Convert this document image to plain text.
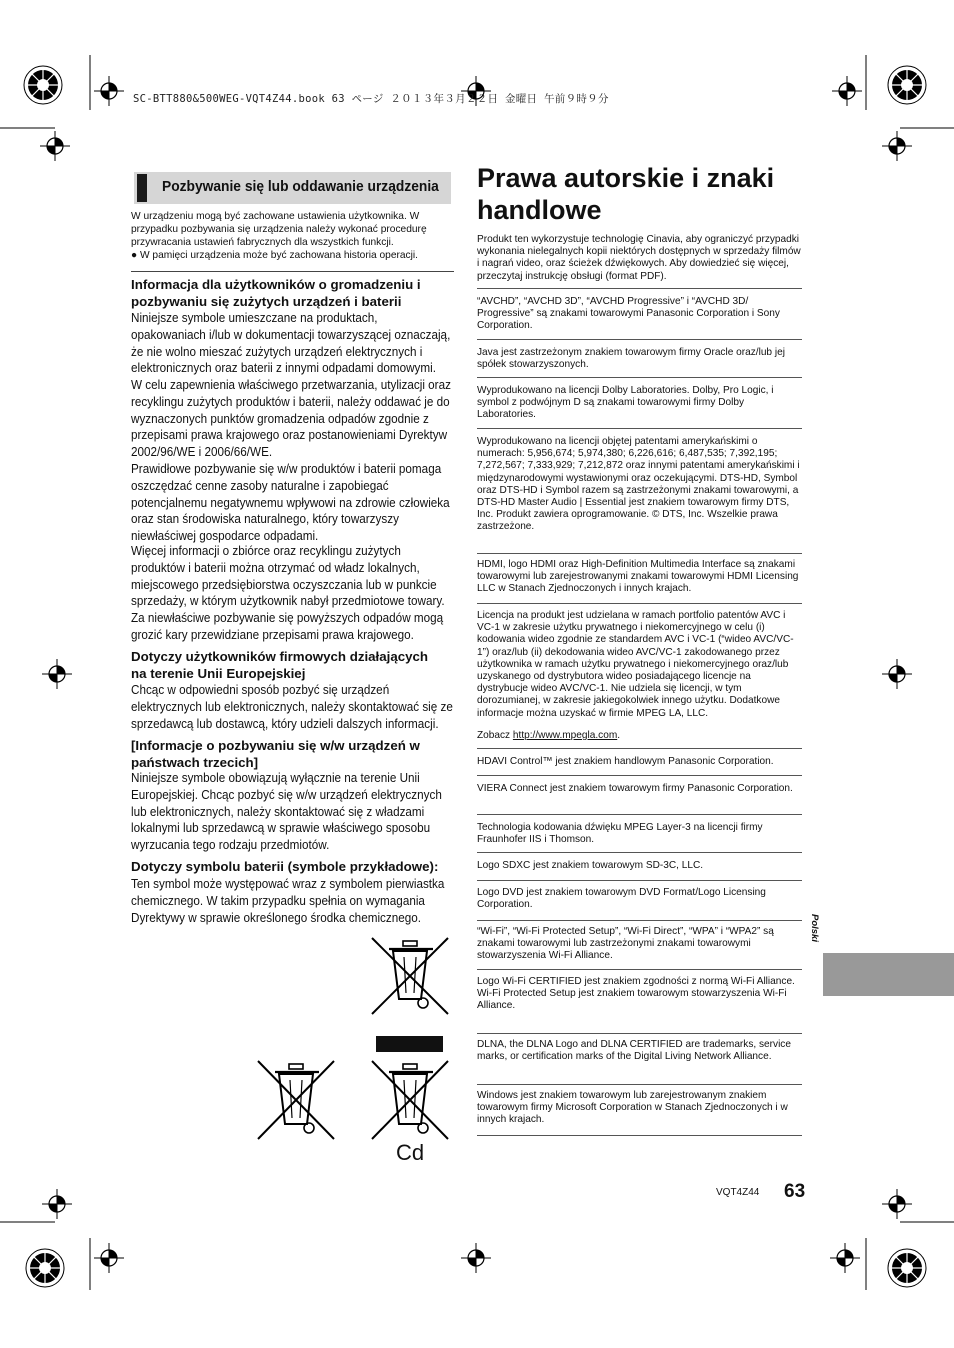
SC-BTT880&500WEG-VQT4Z44.book 63 ページ ２０１３年３月２２日 金曜日 午前９時９分
Pozbywanie się lub oddawanie urządzenia
W urządzeniu mogą być zachowane ustawienia użytkownika. W przypadku pozbywania się urządzenia należy wykonać procedurę przywracania ustawień fabrycznych dla wszystkich funkcji.
● W pamięci urządzenia może być zachowana historia operacji.
Informacja dla użytkowników o gromadzeniu i pozbywaniu się zużytych urządzeń i baterii
Niniejsze symbole umieszczane na produktach, opakowaniach i/lub w dokumentacji towarzyszącej oznaczają, że nie wolno mieszać zużytych urządzeń elektrycznych i elektronicznych oraz baterii z innymi odpadami domowymi.
W celu zapewnienia właściwego przetwarzania, utylizacji oraz recyklingu zużytych produktów i baterii, należy oddawać je do wyznaczonych punktów gromadzenia odpadów zgodnie z przepisami prawa krajowego oraz postanowieniami Dyrektyw 2002/96/WE i 2006/66/WE.
Prawidłowe pozbywanie się w/w produktów i baterii pomaga oszczędzać cenne zasoby naturalne i zapobiegać potencjalnemu negatywnemu wpływowi na zdrowie człowieka oraz stan środowiska naturalnego, który towarzyszy niewłaściwej gospodarce odpadami.
Więcej informacji o zbiórce oraz recyklingu zużytych produktów i baterii można otrzymać od władz lokalnych, miejscowego przedsiębiorstwa oczyszczania lub w punkcie sprzedaży, w którym użytkownik nabył przedmiotowe towary.
Za niewłaściwe pozbywanie się powyższych odpadów mogą grozić kary przewidziane przepisami prawa krajowego.
Dotyczy użytkowników firmowych działających na terenie Unii Europejskiej
Chcąc w odpowiedni sposób pozbyć się urządzeń elektrycznych lub elektronicznych, należy skontaktować się ze sprzedawcą lub dostawcą, który udzieli dalszych informacji.
[Informacje o pozbywaniu się w/w urządzeń w państwach trzecich]
Niniejsze symbole obowiązują wyłącznie na terenie Unii Europejskiej. Chcąc pozbyć się w/w urządzeń elektrycznych lub elektronicznych, należy skontaktować się z władzami lokalnymi lub sprzedawcą w sprawie właściwego sposobu wyrzucania tego rodzaju przedmiotów.
Dotyczy symbolu baterii (symbole przykładowe):
Ten symbol może występować wraz z symbolem pierwiastka chemicznego. W takim przypadku spełnia on wymagania Dyrektywy w sprawie określonego środka chemicznego.
Cd
Prawa autorskie i znaki handlowe
Produkt ten wykorzystuje technologię Cinavia, aby ograniczyć przypadki wykonania nielegalnych kopii niektórych dostępnych w sprzedaży filmów i nagrań video, oraz ścieżek dźwiękowych. Aby dowiedzieć się więcej, przeczytaj instrukcję obsługi (format PDF).
“AVCHD”, “AVCHD 3D”, “AVCHD Progressive” i “AVCHD 3D/ Progressive” są znakami towarowymi Panasonic Corporation i Sony Corporation.
Java jest zastrzeżonym znakiem towarowym firmy Oracle oraz/lub jej spółek stowarzyszonych.
Wyprodukowano na licencji Dolby Laboratories. Dolby, Pro Logic, i symbol z podwójnym D są znakami towarowymi firmy Dolby Laboratories.
Wyprodukowano na licencji objętej patentami amerykańskimi o numerach: 5,956,674; 5,974,380; 6,226,616; 6,487,535; 7,392,195; 7,272,567; 7,333,929; 7,212,872 oraz innymi patentami amerykańskimi i międzynarodowymi wystawionymi oraz oczekującymi. DTS-HD, Symbol oraz DTS-HD i Symbol razem są zastrzeżonymi znakami towarowymi, a DTS-HD Master Audio | Essential jest znakiem towarowym firmy DTS, Inc. Produkt zawiera oprogramowanie. © DTS, Inc. Wszelkie prawa zastrzeżone.
HDMI, logo HDMI oraz High-Definition Multimedia Interface są znakami towarowymi lub zarejestrowanymi znakami towarowymi HDMI Licensing LLC w Stanach Zjednoczonych i innych krajach.
Licencja na produkt jest udzielana w ramach portfolio patentów AVC i VC-1 w zakresie użytku prywatnego i niekomercyjnego w celu (i) kodowania wideo zgodnie ze standardem AVC i VC-1 (“wideo AVC/VC-1”) oraz/lub (ii) dekodowania wideo AVC/VC-1 zakodowanego przez użytkownika w ramach użytku prywatnego i niekomercyjnego oraz/lub uzyskanego od dystrybutora wideo posiadającego licencje na dystrybucje wideo AVC/VC-1. Nie udziela się licencji, w tym dorozumianej, w zakresie jakiegokolwiek innego użytku. Dodatkowe informacje można uzyskać w firmie MPEG LA, LLC.
Zobacz http://www.mpegla.com.
HDAVI Control™ jest znakiem handlowym Panasonic Corporation.
VIERA Connect jest znakiem towarowym firmy Panasonic Corporation.
Technologia kodowania dźwięku MPEG Layer-3 na licencji firmy Fraunhofer IIS i Thomson.
Logo SDXC jest znakiem towarowym SD-3C, LLC.
Logo DVD jest znakiem towarowym DVD Format/Logo Licensing Corporation.
“Wi-Fi”, “Wi-Fi Protected Setup”, “Wi-Fi Direct”, “WPA” i “WPA2” są znakami towarowymi lub zastrzeżonymi znakami towarowymi stowarzyszenia Wi-Fi Alliance.
Logo Wi-Fi CERTIFIED jest znakiem zgodności z normą Wi-Fi Alliance. Wi-Fi Protected Setup jest znakiem towarowym stowarzyszenia Wi-Fi Alliance.
DLNA, the DLNA Logo and DLNA CERTIFIED are trademarks, service marks, or certification marks of the Digital Living Network Alliance.
Windows jest znakiem towarowym lub zarejestrowanym znakiem towarowym firmy Microsoft Corporation w Stanach Zjednoczonych i w innych krajach.
Polski
VQT4Z44 63
